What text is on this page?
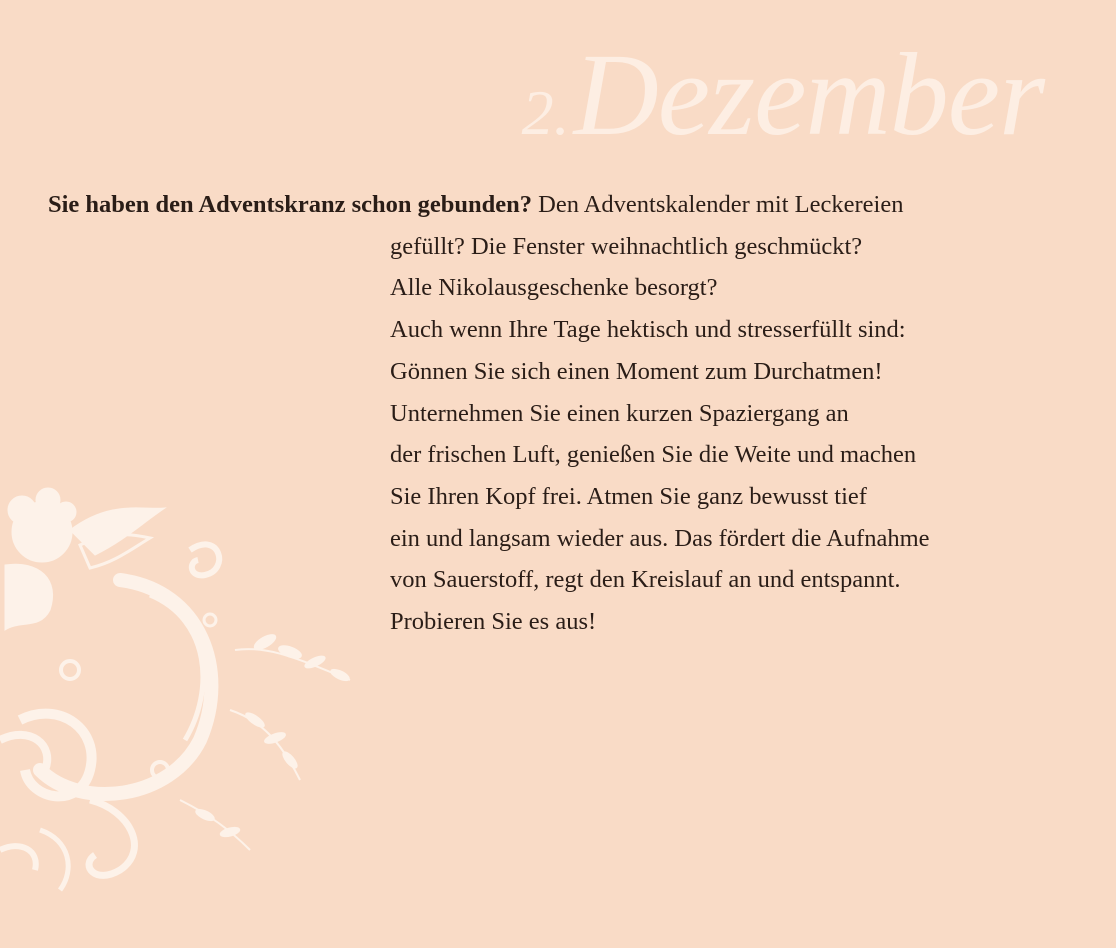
2. Dezember
Sie haben den Adventskranz schon gebunden? Den Adventskalender mit Leckereien
gefüllt? Die Fenster weihnachtlich geschmückt?
Alle Nikolausgeschenke besorgt?
Auch wenn Ihre Tage hektisch und stresserfüllt sind:
Gönnen Sie sich einen Moment zum Durchatmen!
Unternehmen Sie einen kurzen Spaziergang an
der frischen Luft, genießen Sie die Weite und machen
Sie Ihren Kopf frei. Atmen Sie ganz bewusst tief
ein und langsam wieder aus. Das fördert die Aufnahme
von Sauerstoff, regt den Kreislauf an und entspannt.
Probieren Sie es aus!
